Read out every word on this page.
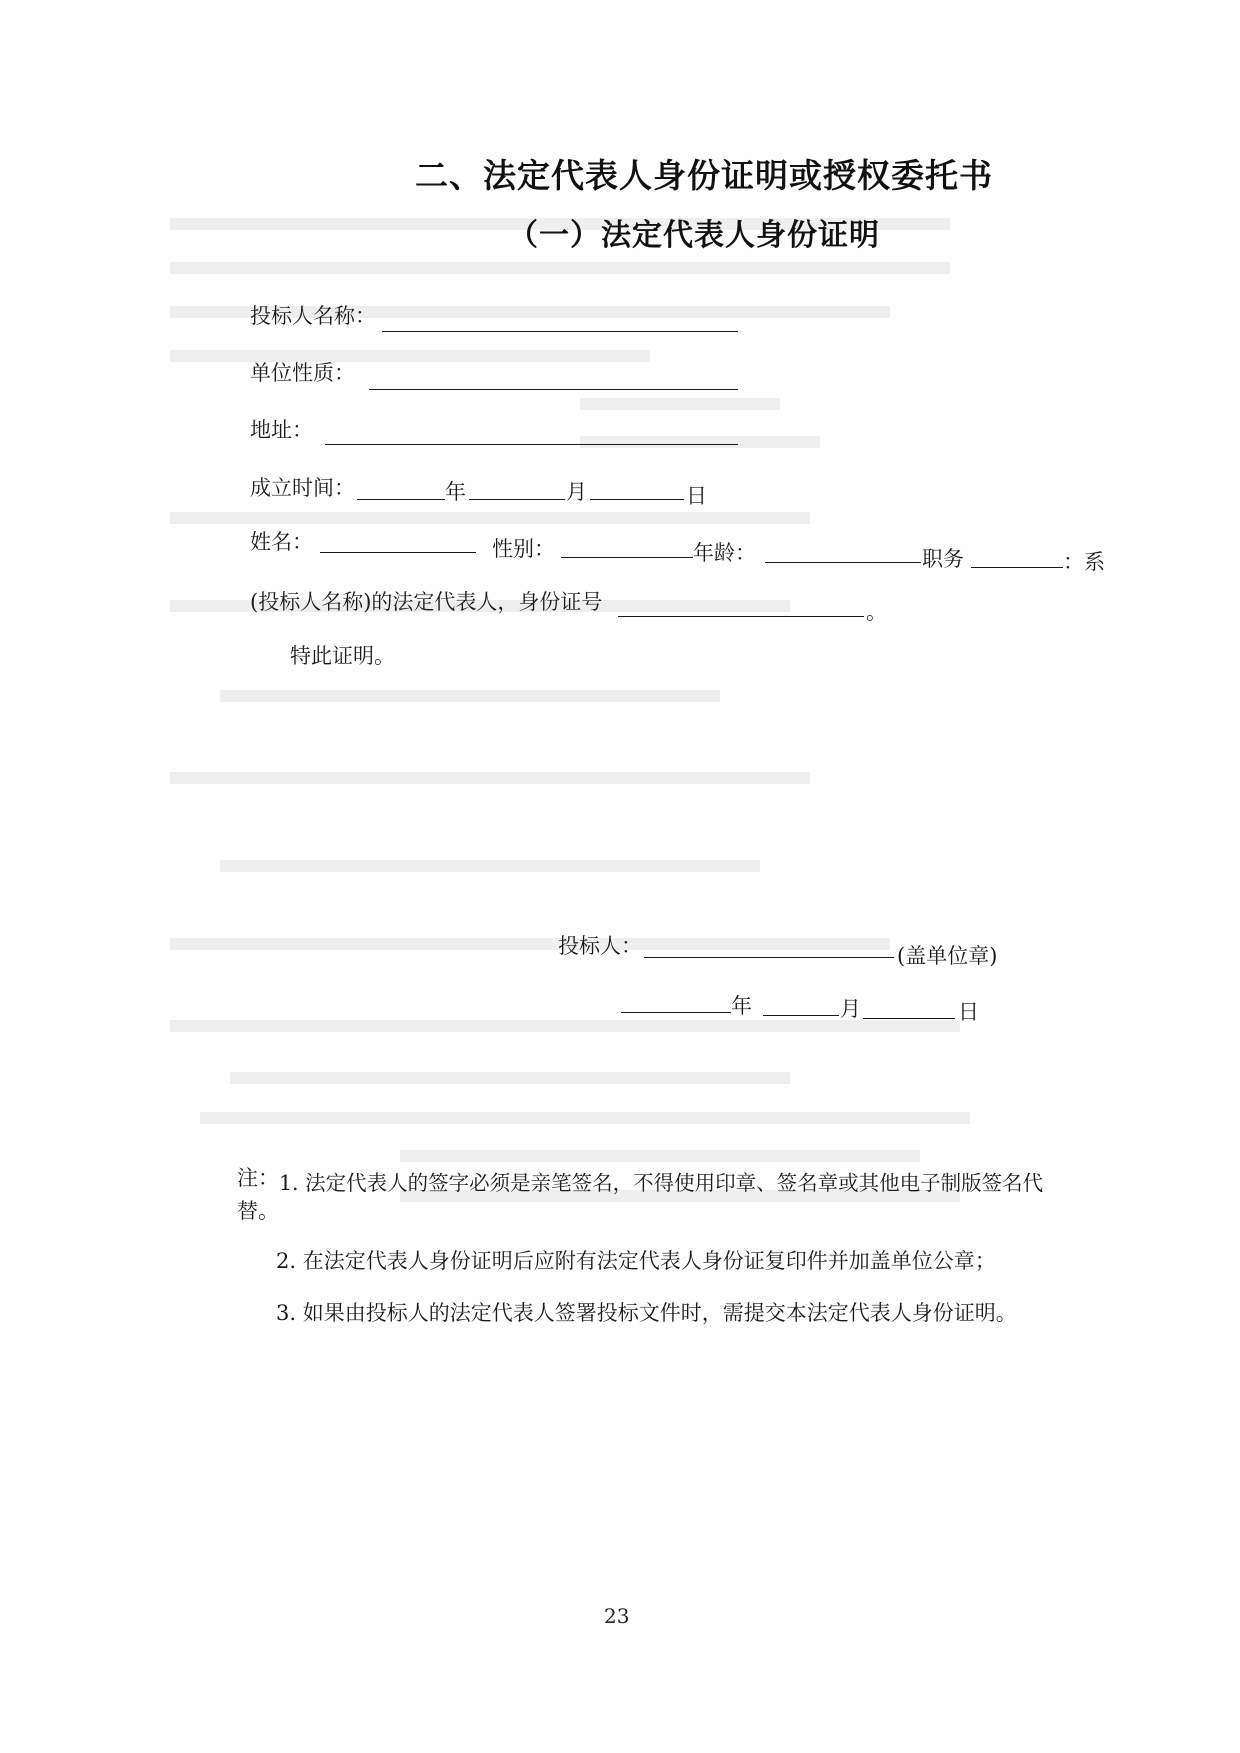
二、法定代表人身份证明或授权委托书
（一）法定代表人身份证明
投标人名称：
单位性质：
地址：
成立时间：	年	月	日
姓名：	性别：	年龄：	职务	：系
(投标人名称)的法定代表人，身份证号	。
特此证明。
投标人：	(盖单位章)
年	月	日
注： 1. 法定代表人的签字必须是亲笔签名，不得使用印章、签名章或其他电子制版签名代
替。
2. 在法定代表人身份证明后应附有法定代表人身份证复印件并加盖单位公章；
3. 如果由投标人的法定代表人签署投标文件时，需提交本法定代表人身份证明。
23
